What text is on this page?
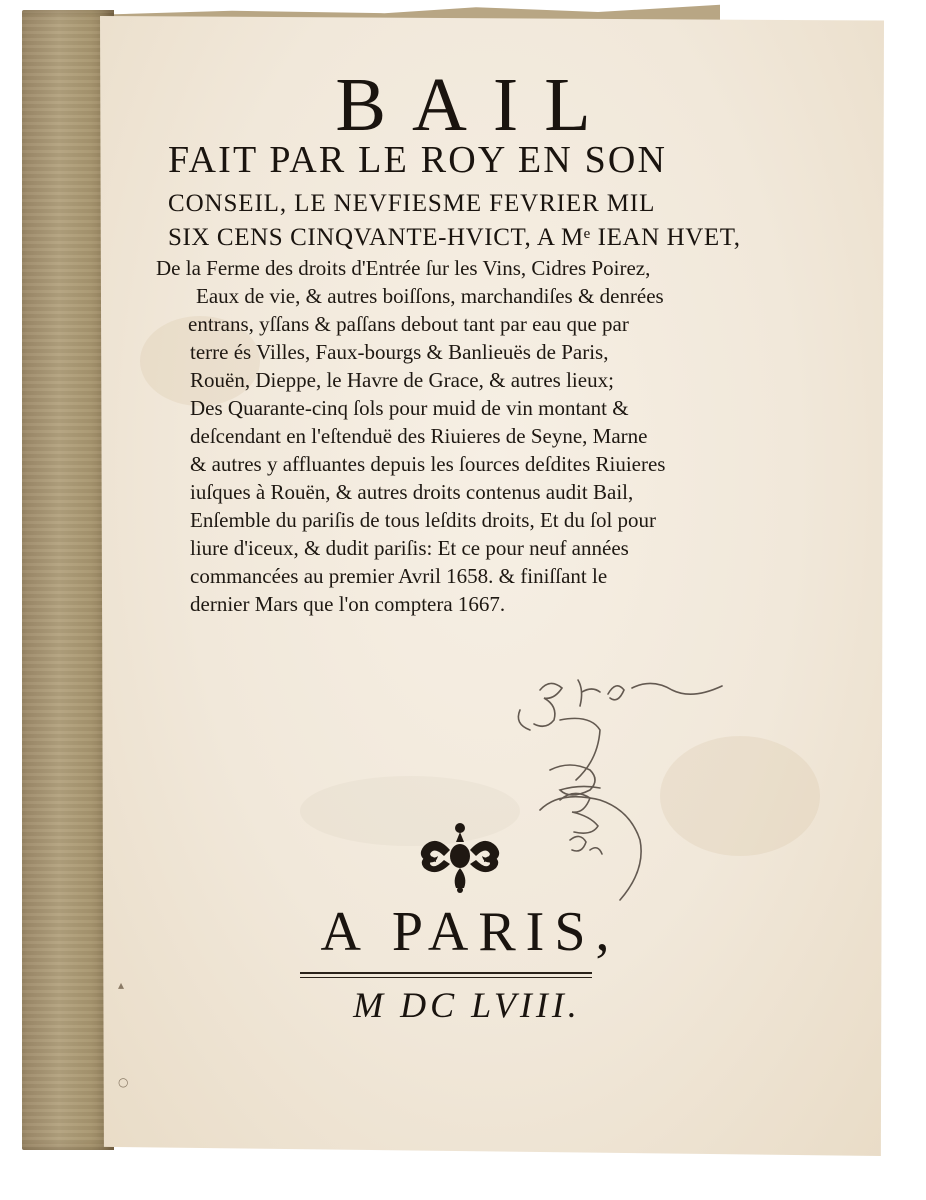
BAIL
FAIT PAR LE ROY EN SON
CONSEIL, LE NEVFIESME FEVRIER MIL
SIX CENS CINQVANTE-HVICT, A Mᵉ IEAN HVET,
De la Ferme des droits d'Entrée ſur les Vins, Cidres Poirez,
Eaux de vie, & autres boiſſons, marchandiſes & denrées
entrans, yſſans & paſſans debout tant par eau que par
terre és Villes, Faux-bourgs & Banlieuës de Paris,
Rouën, Dieppe, le Havre de Grace, & autres lieux;
Des Quarante-cinq ſols pour muid de vin montant &
deſcendant en l'eſtenduë des Riuieres de Seyne, Marne
& autres y affluantes depuis les ſources deſdites Riuieres
iuſques à Rouën, & autres droits contenus audit Bail,
Enſemble du pariſis de tous leſdits droits, Et du ſol pour
liure d'iceux, & dudit pariſis: Et ce pour neuf années
commancées au premier Avril 1658. & finiſſant le
dernier Mars que l'on comptera 1667.
A PARIS,
M DC LVIII.
▴
○
